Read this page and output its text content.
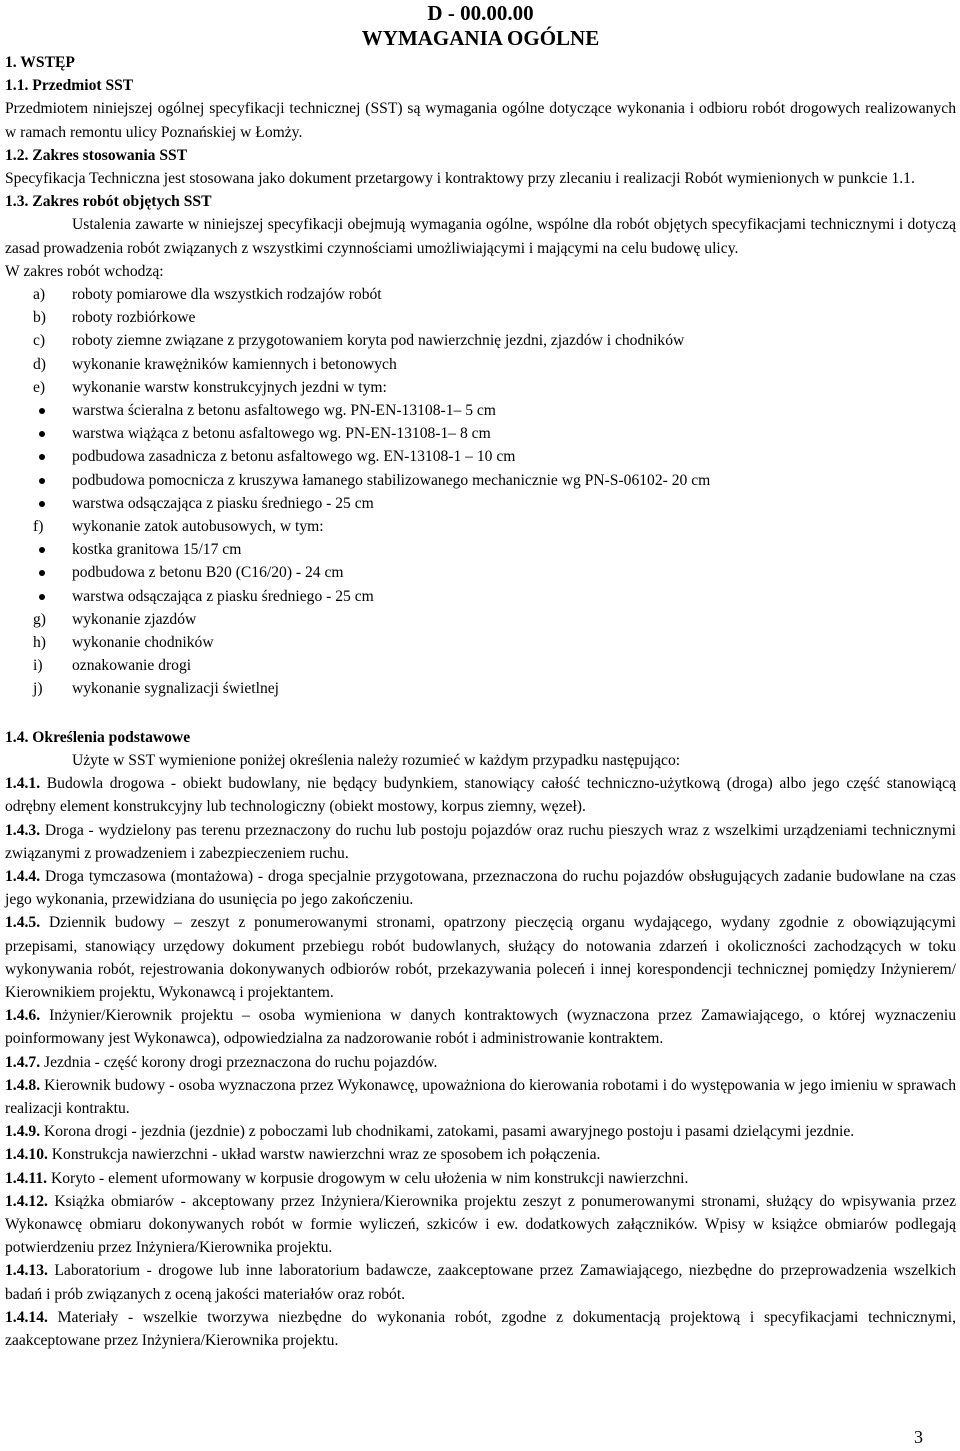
D - 00.00.00
WYMAGANIA OGÓLNE
1. WSTĘP
1.1. Przedmiot SST
Przedmiotem niniejszej ogólnej specyfikacji technicznej (SST) są wymagania ogólne dotyczące wykonania i odbioru robót drogowych realizowanych w ramach remontu ulicy Poznańskiej w Łomży.
1.2. Zakres stosowania SST
Specyfikacja Techniczna jest stosowana jako dokument przetargowy i kontraktowy przy zlecaniu i realizacji Robót wymienionych w punkcie 1.1.
1.3. Zakres robót objętych SST
Ustalenia zawarte w niniejszej specyfikacji obejmują wymagania ogólne, wspólne dla robót objętych specyfikacjami technicznymi i dotyczą zasad prowadzenia robót związanych z wszystkimi czynnościami umożliwiającymi i mającymi na celu budowę ulicy.
W zakres robót wchodzą:
a) roboty pomiarowe dla wszystkich rodzajów robót
b) roboty rozbiórkowe
c) roboty ziemne związane z przygotowaniem koryta pod nawierzchnię jezdni, zjazdów i chodników
d) wykonanie krawężników kamiennych i betonowych
e) wykonanie warstw konstrukcyjnych jezdni w tym:
warstwa ścieralna z betonu asfaltowego wg. PN-EN-13108-1– 5 cm
warstwa wiążąca z betonu asfaltowego wg. PN-EN-13108-1– 8 cm
podbudowa zasadnicza z betonu asfaltowego wg. EN-13108-1 – 10 cm
podbudowa pomocnicza z kruszywa łamanego stabilizowanego mechanicznie wg PN-S-06102- 20 cm
warstwa odsączająca z piasku średniego - 25 cm
f) wykonanie zatok autobusowych, w tym:
kostka granitowa 15/17 cm
podbudowa z betonu B20 (C16/20) - 24 cm
warstwa odsączająca z piasku średniego - 25 cm
g) wykonanie zjazdów
h) wykonanie chodników
i) oznakowanie drogi
j) wykonanie sygnalizacji świetlnej
1.4. Określenia podstawowe
Użyte w SST wymienione poniżej określenia należy rozumieć w każdym przypadku następująco:
1.4.1. Budowla drogowa - obiekt budowlany, nie będący budynkiem, stanowiący całość techniczno-użytkową (droga) albo jego część stanowiącą odrębny element konstrukcyjny lub technologiczny (obiekt mostowy, korpus ziemny, węzeł).
1.4.3. Droga - wydzielony pas terenu przeznaczony do ruchu lub postoju pojazdów oraz ruchu pieszych wraz z wszelkimi urządzeniami technicznymi związanymi z prowadzeniem i zabezpieczeniem ruchu.
1.4.4. Droga tymczasowa (montażowa) - droga specjalnie przygotowana, przeznaczona do ruchu pojazdów obsługujących zadanie budowlane na czas jego wykonania, przewidziana do usunięcia po jego zakończeniu.
1.4.5. Dziennik budowy – zeszyt z ponumerowanymi stronami, opatrzony pieczęcią organu wydającego, wydany zgodnie z obowiązującymi przepisami, stanowiący urzędowy dokument przebiegu robót budowlanych, służący do notowania zdarzeń i okoliczności zachodzących w toku wykonywania robót, rejestrowania dokonywanych odbiorów robót, przekazywania poleceń i innej korespondencji technicznej pomiędzy Inżynierem/ Kierownikiem projektu, Wykonawcą i projektantem.
1.4.6. Inżynier/Kierownik projektu – osoba wymieniona w danych kontraktowych (wyznaczona przez Zamawiającego, o której wyznaczeniu poinformowany jest Wykonawca), odpowiedzialna za nadzorowanie robót i administrowanie kontraktem.
1.4.7. Jezdnia - część korony drogi przeznaczona do ruchu pojazdów.
1.4.8. Kierownik budowy - osoba wyznaczona przez Wykonawcę, upoważniona do kierowania robotami i do występowania w jego imieniu w sprawach realizacji kontraktu.
1.4.9. Korona drogi - jezdnia (jezdnie) z poboczami lub chodnikami, zatokami, pasami awaryjnego postoju i pasami dzielącymi jezdnie.
1.4.10. Konstrukcja nawierzchni - układ warstw nawierzchni wraz ze sposobem ich połączenia.
1.4.11. Koryto - element uformowany w korpusie drogowym w celu ułożenia w nim konstrukcji nawierzchni.
1.4.12. Książka obmiarów - akceptowany przez Inżyniera/Kierownika projektu zeszyt z ponumerowanymi stronami, służący do wpisywania przez Wykonawcę obmiaru dokonywanych robót w formie wyliczeń, szkiców i ew. dodatkowych załączników. Wpisy w książce obmiarów podlegają potwierdzeniu przez Inżyniera/Kierownika projektu.
1.4.13. Laboratorium - drogowe lub inne laboratorium badawcze, zaakceptowane przez Zamawiającego, niezbędne do przeprowadzenia wszelkich badań i prób związanych z oceną jakości materiałów oraz robót.
1.4.14. Materiały - wszelkie tworzywa niezbędne do wykonania robót, zgodne z dokumentacją projektową i specyfikacjami technicznymi, zaakceptowane przez Inżyniera/Kierownika projektu.
3
